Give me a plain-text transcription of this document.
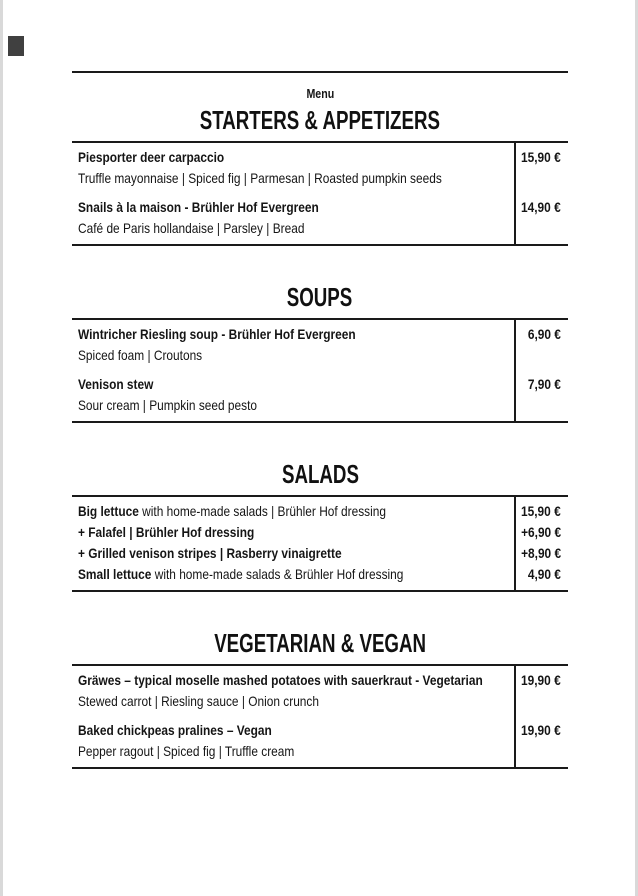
Menu
STARTERS & APPETIZERS
Piesporter deer carpaccio	15,90 €
Truffle mayonnaise | Spiced fig | Parmesan | Roasted pumpkin seeds
Snails à la maison - Brühler Hof Evergreen	14,90 €
Café de Paris hollandaise | Parsley | Bread
SOUPS
Wintricher Riesling soup - Brühler Hof Evergreen	6,90 €
Spiced foam | Croutons
Venison stew	7,90 €
Sour cream | Pumpkin seed pesto
SALADS
Big lettuce with home-made salads | Brühler Hof dressing	15,90 €
+ Falafel | Brühler Hof dressing	+6,90 €
+ Grilled venison stripes | Rasberry vinaigrette	+8,90 €
Small lettuce with home-made salads & Brühler Hof dressing	4,90 €
VEGETARIAN & VEGAN
Gräwes – typical moselle mashed potatoes with sauerkraut - Vegetarian	19,90 €
Stewed carrot | Riesling sauce | Onion crunch
Baked chickpeas pralines – Vegan	19,90 €
Pepper ragout | Spiced fig | Truffle cream
